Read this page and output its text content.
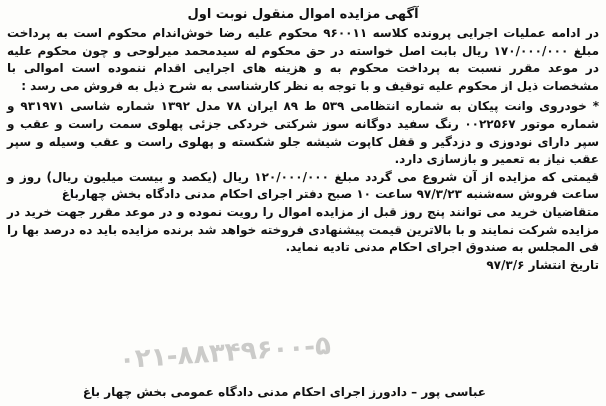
آگهی مزایده اموال منقول نوبت اول

در ادامه عملیات اجرایی پرونده کلاسه ۹۶۰۰۱۱ محکوم علیه رضا خوش‌اندام محکوم است به پرداخت مبلغ ۱۷۰/۰۰۰/۰۰۰ ریال بابت اصل خواسته در حق محکوم له سیدمحمد میرلوحی و چون محکوم علیه در موعد مقرر نسبت به پرداخت محکوم به و هزینه های اجرایی اقدام ننموده است اموالی با مشخصات ذیل از محکوم علیه توقیف و با توجه به نظر کارشناسی به شرح ذیل به فروش می رسد :

* خودروی وانت پیکان به شماره انتظامی ۵۳۹ ط ۸۹ ایران ۷۸ مدل ۱۳۹۲ شماره شاسی ۹۳۱۹۷۱ و شماره موتور ۰۰۲۲۵۶۷ رنگ سفید دوگانه سوز شرکتی خردکی جزئی پهلوی سمت راست و عقب و سپر دارای نودوزی و دزدگیر و قفل کاپوت شیشه جلو شکسته و پهلوی راست و عقب وسیله و سپر عقب نیاز به تعمیر و بازسازی دارد.

قیمتی که مزایده از آن شروع می گردد مبلغ ۱۲۰/۰۰۰/۰۰۰ ریال (یکصد و بیست میلیون ریال) روز و ساعت فروش سه‌شنبه ۹۷/۳/۲۳ ساعت ۱۰ صبح دفتر اجرای احکام مدنی دادگاه بخش چهارباغ

متقاضیان خرید می توانند پنج روز قبل از مزایده اموال را رویت نموده و در موعد مقرر جهت خرید در مزایده شرکت نمایند و با بالاترین قیمت پیشنهادی فروخته خواهد شد برنده مزایده باید ده درصد بها را فی المجلس به صندوق اجرای احکام مدنی تادیه نماید.

تاریخ انتشار ۹۷/۳/۶

۰۲۱-۸۸۳۴۹۶۰۰-۵
عباسی پور – دادورز اجرای احکام مدنی دادگاه عمومی بخش چهار باغ
